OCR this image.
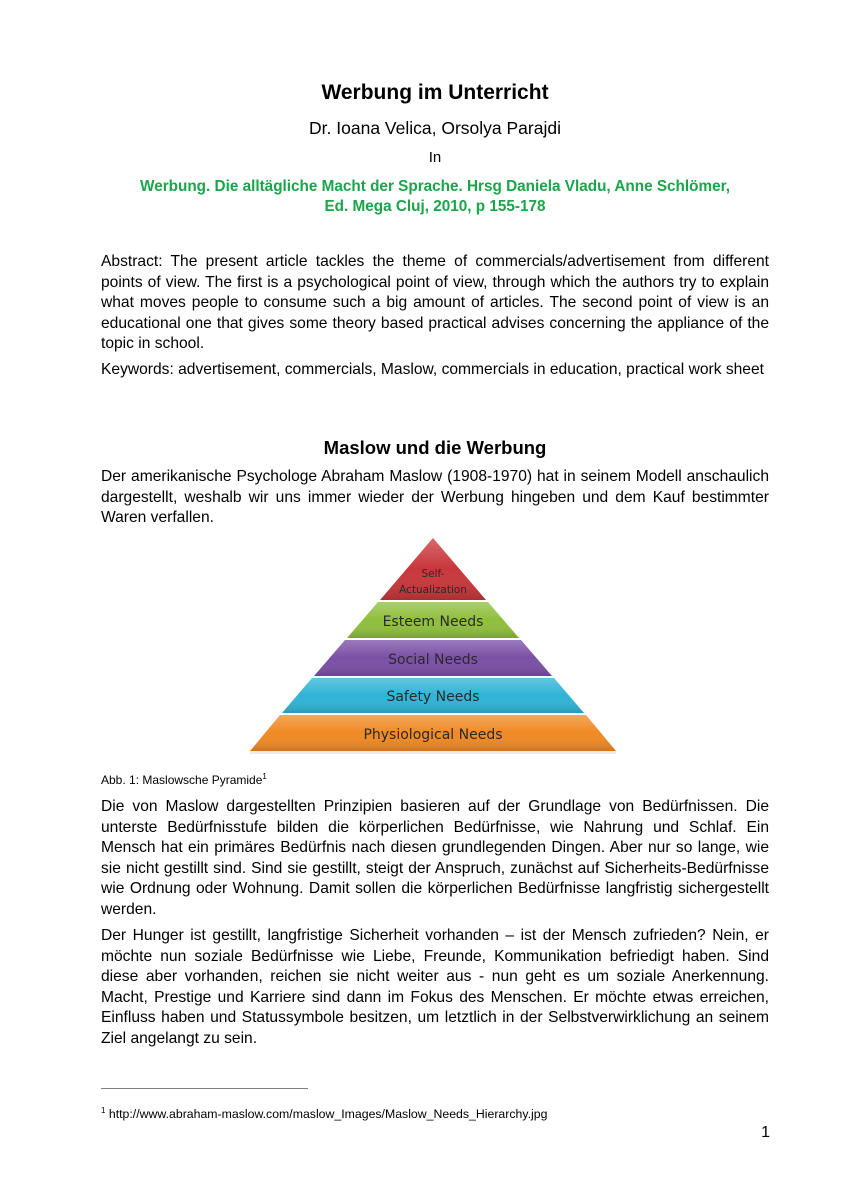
Werbung im Unterricht
Dr. Ioana Velica, Orsolya Parajdi
In
Werbung. Die alltägliche Macht der Sprache. Hrsg Daniela Vladu, Anne Schlömer,
Ed. Mega Cluj, 2010, p 155-178
Abstract: The present article tackles the theme of commercials/advertisement from different points of view. The first is a psychological point of view, through which the authors try to explain what moves people to consume such a big amount of articles. The second point of view is an educational one that gives some theory based practical advises concerning the appliance of the topic in school.
Keywords: advertisement, commercials, Maslow, commercials in education, practical work sheet
Maslow und die Werbung
Der amerikanische Psychologe Abraham Maslow (1908-1970) hat in seinem Modell anschaulich dargestellt, weshalb wir uns immer wieder der Werbung hingeben und dem Kauf bestimmter Waren verfallen.
Self-
Actualization
Esteem Needs
Social Needs
Safety Needs
Physiological Needs
Abb. 1: Maslowsche Pyramide$^1$
Die von Maslow dargestellten Prinzipien basieren auf der Grundlage von Bedürfnissen. Die unterste Bedürfnisstufe bilden die körperlichen Bedürfnisse, wie Nahrung und Schlaf. Ein Mensch hat ein primäres Bedürfnis nach diesen grundlegenden Dingen. Aber nur so lange, wie sie nicht gestillt sind. Sind sie gestillt, steigt der Anspruch, zunächst auf Sicherheits-Bedürfnisse wie Ordnung oder Wohnung. Damit sollen die körperlichen Bedürfnisse langfristig sichergestellt werden.
Der Hunger ist gestillt, langfristige Sicherheit vorhanden – ist der Mensch zufrieden? Nein, er möchte nun soziale Bedürfnisse wie Liebe, Freunde, Kommunikation befriedigt haben. Sind diese aber vorhanden, reichen sie nicht weiter aus - nun geht es um soziale Anerkennung. Macht, Prestige und Karriere sind dann im Fokus des Menschen. Er möchte etwas erreichen, Einfluss haben und Statussymbole besitzen, um letztlich in der Selbstverwirklichung an seinem Ziel angelangt zu sein.
$^1$ http://www.abraham-maslow.com/maslow_Images/Maslow_Needs_Hierarchy.jpg
1
